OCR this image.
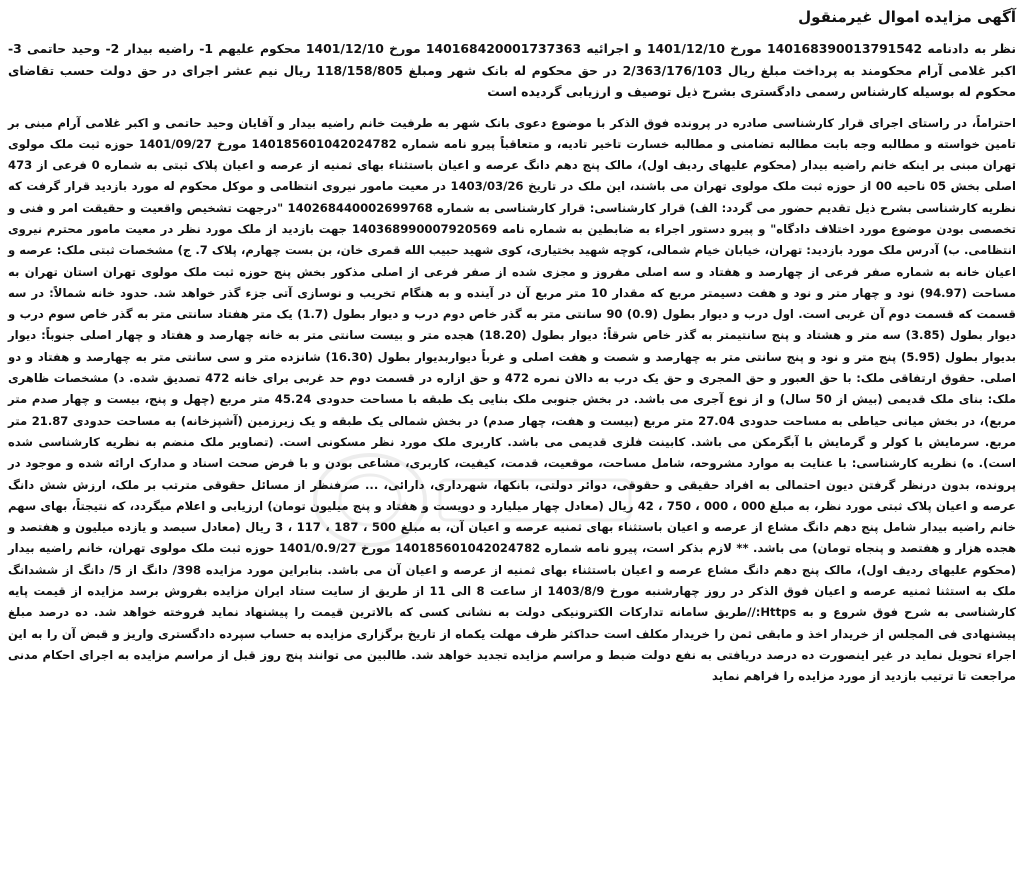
آگهی مزایده اموال غیرمنقول

نظر به دادنامه 140168390013791542 مورخ 1401/12/10 و اجرائیه 140168420001737363 مورخ 1401/12/10 محکوم علیهم 1- راضیه بیدار 2- وحید حاتمی 3- اکبر غلامی آرام محکومند به پرداخت مبلغ ریال 2/363/176/103 در حق محکوم له بانک شهر ومبلغ 118/158/805 ریال نیم عشر اجرای در حق دولت حسب تقاضای محکوم له بوسیله کارشناس رسمی دادگستری بشرح ذیل توصیف و ارزیابی گردیده است

احتراماً، در راستای اجرای قرار کارشناسی صادره در پرونده فوق الذکر با موضوع دعوی بانک شهر به طرفیت خانم راضیه بیدار و آقایان وحید حاتمی و اکبر غلامی آرام مبنی بر تامین خواسته و مطالبه وجه بابت مطالبه تضامنی و مطالبه خسارت تاخیر تادیه، و متعاقباً پیرو نامه شماره 140185601042024782 مورخ 1401/09/27 حوزه ثبت ملک مولوی تهران مبنی بر اینکه خانم راضیه بیدار (محکوم علیهای ردیف اول)، مالک پنج دهم دانگ عرصه و اعیان باستثناء بهای ثمنیه از عرصه و اعیان پلاک ثبتی به شماره 0 فرعی از 473 اصلی بخش 05 ناحیه 00 از حوزه ثبت ملک مولوی تهران می باشند، این ملک در تاریخ 1403/03/26 در معیت مامور نیروی انتظامی و موکل محکوم له مورد بازدید قرار گرفت که نظریه کارشناسی بشرح ذیل تقدیم حضور می گردد: الف) قرار کارشناسی: قرار کارشناسی به شماره 140268440002699768 "درجهت تشخیص واقعیت و حقیقت امر و فنی و تخصصی بودن موضوع مورد اختلاف دادگاه" و پیرو دستور اجراء به ضابطین به شماره نامه 140368990007920569 جهت بازدید از ملک مورد نظر در معیت مامور محترم نیروی انتظامی. ب) آدرس ملک مورد بازدید: تهران، خیابان خیام شمالی، کوچه شهید بختیاری، کوی شهید حبیب الله قمری خان، بن بست چهارم، پلاک 7. ج) مشخصات ثبتی ملک: عرصه و اعیان خانه به شماره صفر فرعی از چهارصد و هفتاد و سه اصلی مفروز و مجزی شده از صفر فرعی از اصلی مذکور بخش پنج حوزه ثبت ملک مولوی تهران استان تهران به مساحت (94.97) نود و چهار متر و نود و هفت دسیمتر مربع که مقدار 10 متر مربع آن در آینده و به هنگام تخریب و نوسازی آتی جزء گذر خواهد شد. حدود خانه شمالاً: در سه قسمت که قسمت دوم آن غربی است. اول درب و دیوار بطول (0.9) 90 سانتی متر به گذر خاص دوم درب و دیوار بطول (1.7) یک متر هفتاد سانتی متر به گذر خاص سوم درب و دیوار بطول (3.85) سه متر و هشتاد و پنج سانتیمتر به گذر خاص شرقاً: دیوار بطول (18.20) هجده متر و بیست سانتی متر به خانه چهارصد و هفتاد و چهار اصلی جنوباً: دیوار بدیوار بطول (5.95) پنج متر و نود و پنج سانتی متر به چهارصد و شصت و هفت اصلی و غرباً دیواربدیوار بطول (16.30) شانزده متر و سی سانتی متر به چهارصد و هفتاد و دو اصلی. حقوق ارتفاقی ملک: با حق العبور و حق المجری و حق یک درب به دالان نمره 472 و حق ازاره در قسمت دوم حد غربی برای خانه 472 تصدیق شده. د) مشخصات ظاهری ملک: بنای ملک قدیمی (بیش از 50 سال) و از نوع آجری می باشد. در بخش جنوبی ملک بنایی یک طبقه با مساحت حدودی 45.24 متر مربع (چهل و پنج، بیست و چهار صدم متر مربع)، در بخش میانی حیاطی به مساحت حدودی 27.04 متر مربع (بیست و هفت، چهار صدم) در بخش شمالی یک طبقه و یک زیرزمین (آشپزخانه) به مساحت حدودی 21.87 متر مربع. سرمایش با کولر و گرمایش با آبگرمکن می باشد. کابینت فلزی قدیمی می باشد. کاربری ملک مورد نظر مسکونی است. (تصاویر ملک منضم به نظریه کارشناسی شده است). ه) نظریه کارشناسی: با عنایت به موارد مشروحه، شامل مساحت، موقعیت، قدمت، کیفیت، کاربری، مشاعی بودن و با فرض صحت اسناد و مدارک ارائه شده و موجود در پرونده، بدون درنظر گرفتن دیون احتمالی به افراد حقیقی و حقوقی، دوائر دولتی، بانکها، شهرداری، دارائی، ... صرفنظر از مسائل حقوقی مترتب بر ملک، ارزش شش دانگ عرصه و اعیان پلاک ثبتی مورد نظر، به مبلغ 000 ، 000 ، 750 ، 42 ریال (معادل چهار میلیارد و دویست و هفتاد و پنج میلیون تومان) ارزیابی و اعلام میگردد، که نتیجتاً، بهای سهم خانم راضیه بیدار شامل پنج دهم دانگ مشاع از عرصه و اعیان باستثناء بهای ثمنیه عرصه و اعیان آن، به مبلغ 500 ، 187 ، 117 ، 3 ریال (معادل سیصد و یازده میلیون و هفتصد و هجده هزار و هفتصد و پنجاه تومان) می باشد. ** لازم بذکر است، پیرو نامه شماره 140185601042024782 مورخ 1401/0.9/27 حوزه ثبت ملک مولوی تهران، خانم راضیه بیدار (محکوم علیهای ردیف اول)، مالک پنج دهم دانگ مشاع عرصه و اعیان باستثناء بهای ثمنیه از عرصه و اعیان آن می باشد. بنابراین مورد مزایده 398/ دانگ از 5/ دانگ از ششدانگ ملک به استثنا ثمنیه عرصه و اعیان فوق الذکر در روز چهارشنبه مورخ 1403/8/9 از ساعت 8 الی 11 از طریق از سایت ستاد ایران مزایده بفروش برسد مزایده از قیمت پایه کارشناسی به شرح فوق شروع و به Https://طریق سامانه تدارکات الکترونیکی دولت به نشانی کسی که بالاترین قیمت را پیشنهاد نماید فروخته خواهد شد. ده درصد مبلغ پیشنهادی فی المجلس از خریدار اخذ و مابقی ثمن را خریدار مکلف است حداکثر ظرف مهلت یکماه از تاریخ برگزاری مزایده به حساب سپرده دادگستری واریز و قبض آن را به این اجراء تحویل نماید در غیر اینصورت ده درصد دریافتی به نفع دولت ضبط و مراسم مزایده تجدید خواهد شد. طالبین می توانند پنج روز قبل از مراسم مزایده به اجرای احکام مدنی مراجعت تا ترتیب بازدید از مورد مزایده را فراهم نماید
